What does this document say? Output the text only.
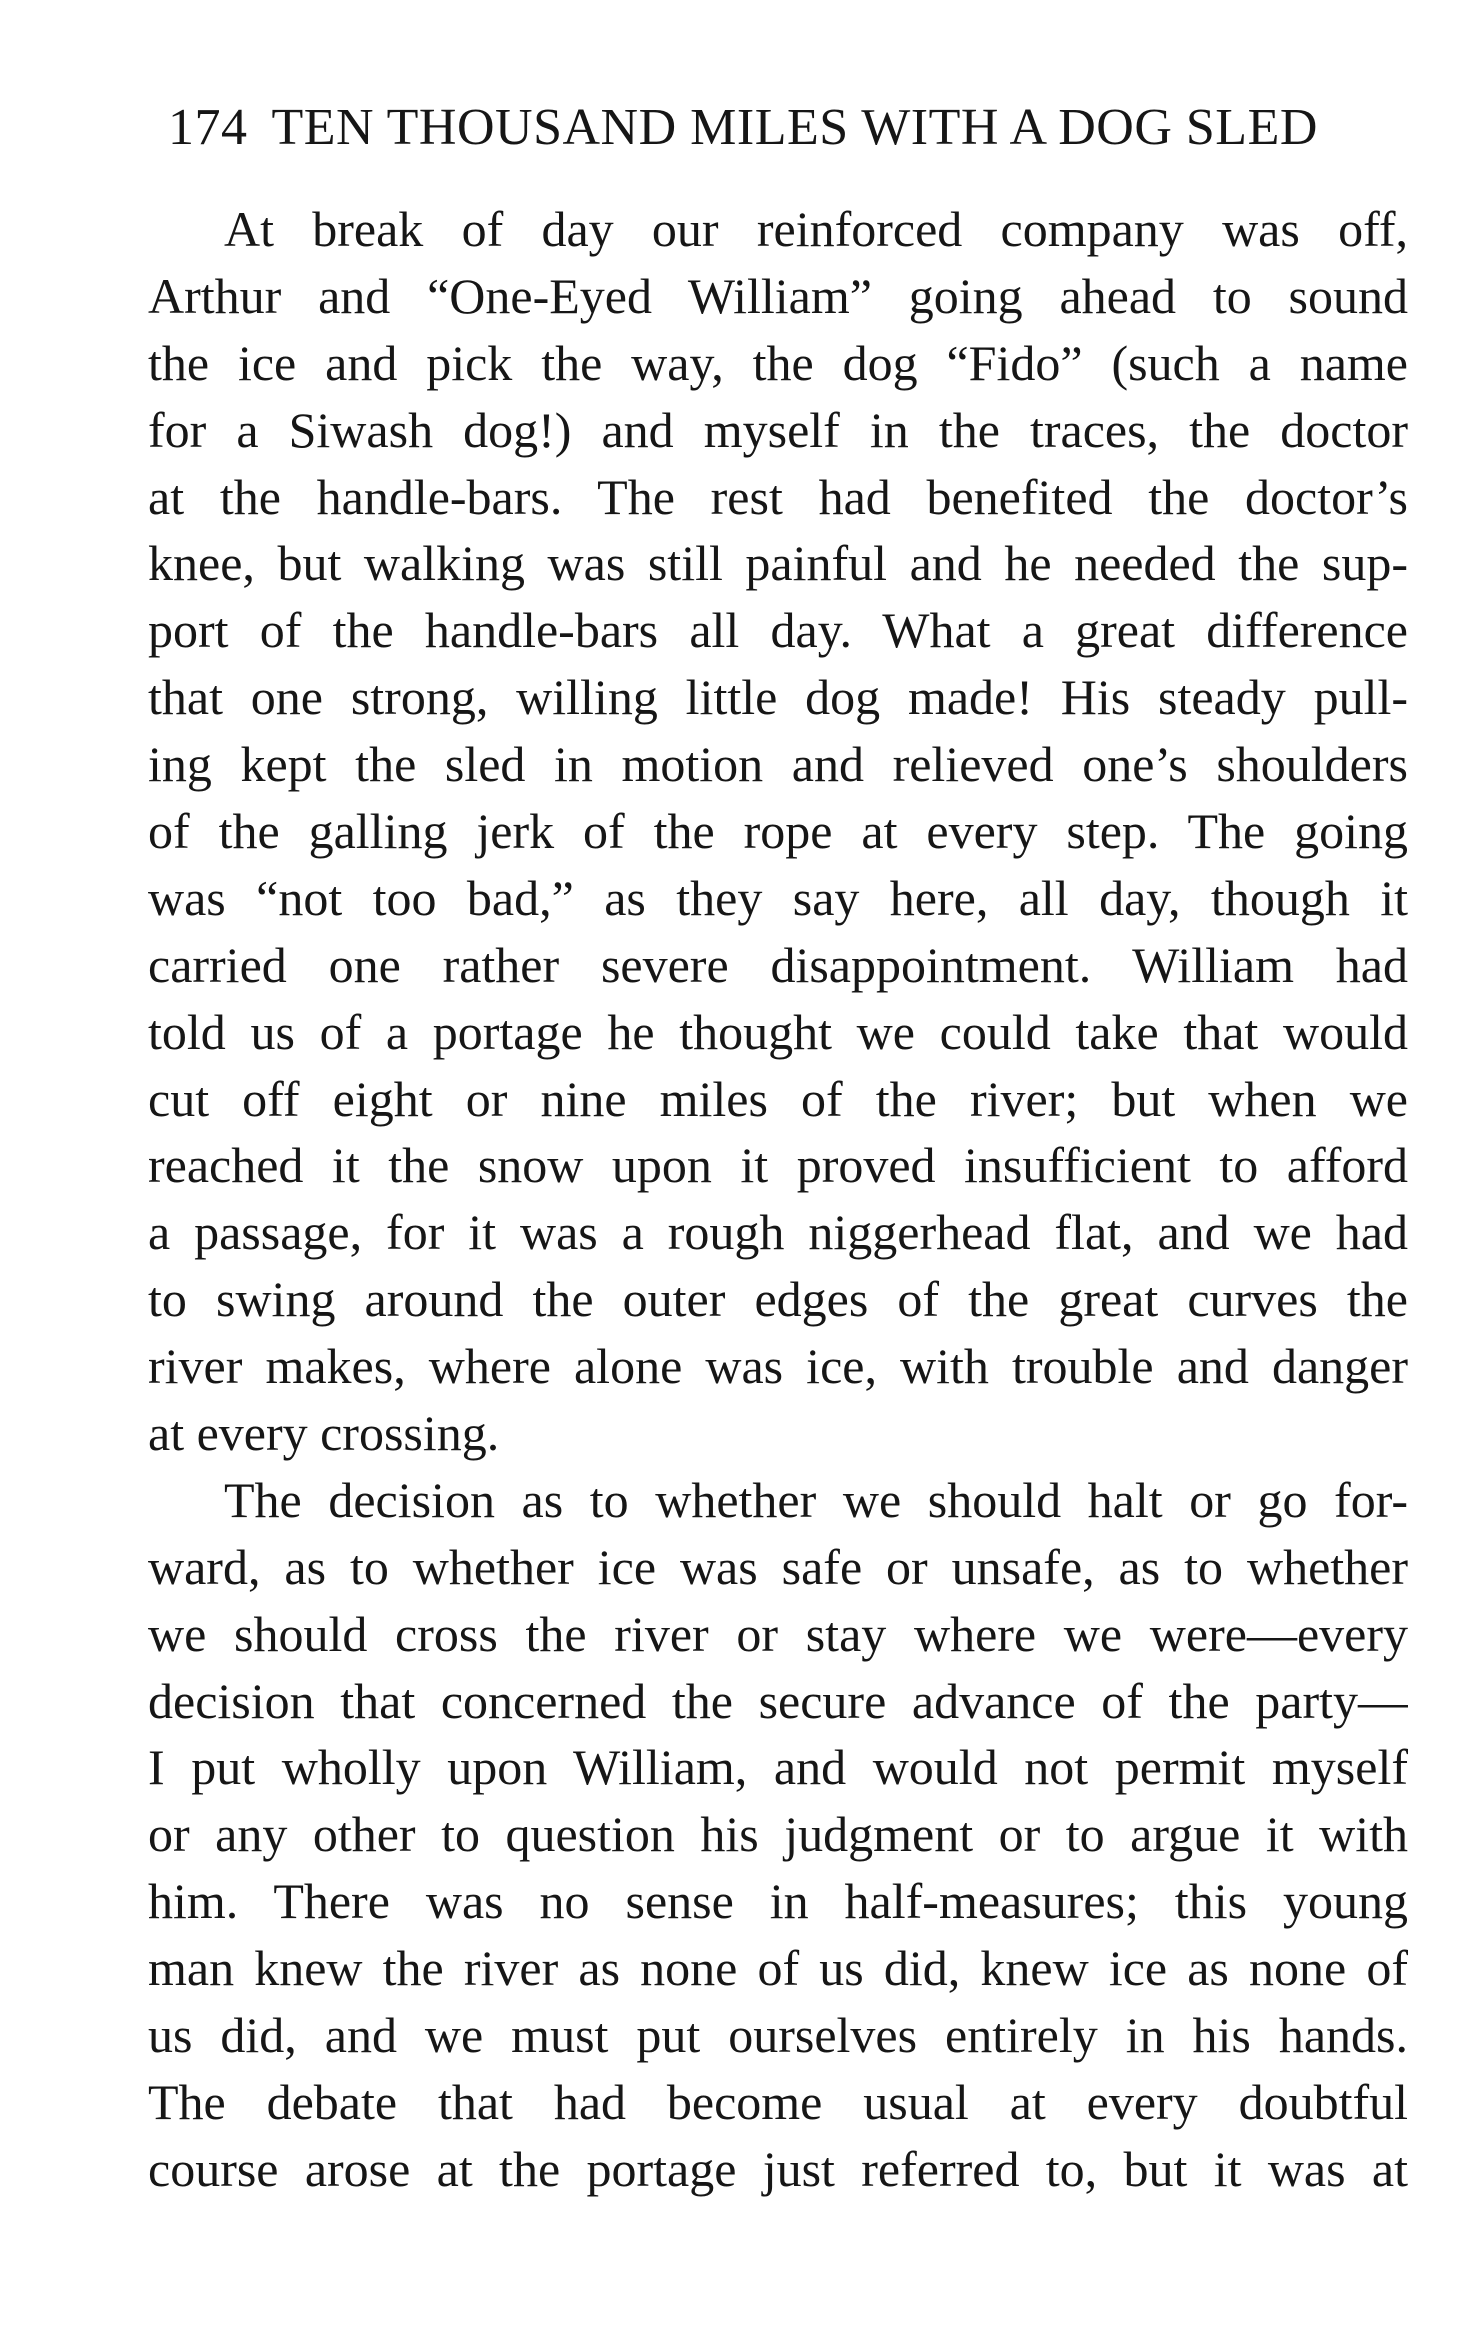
174 TEN THOUSAND MILES WITH A DOG SLED
At break of day our reinforced company was off,
Arthur and “One-Eyed William” going ahead to sound
the ice and pick the way, the dog “Fido” (such a name
for a Siwash dog!) and myself in the traces, the doctor
at the handle-bars. The rest had benefited the doctor’s
knee, but walking was still painful and he needed the sup-
port of the handle-bars all day. What a great difference
that one strong, willing little dog made! His steady pull-
ing kept the sled in motion and relieved one’s shoulders
of the galling jerk of the rope at every step. The going
was “not too bad,” as they say here, all day, though it
carried one rather severe disappointment. William had
told us of a portage he thought we could take that would
cut off eight or nine miles of the river; but when we
reached it the snow upon it proved insufficient to afford
a passage, for it was a rough niggerhead flat, and we had
to swing around the outer edges of the great curves the
river makes, where alone was ice, with trouble and danger
at every crossing.
The decision as to whether we should halt or go for-
ward, as to whether ice was safe or unsafe, as to whether
we should cross the river or stay where we were—every
decision that concerned the secure advance of the party—
I put wholly upon William, and would not permit myself
or any other to question his judgment or to argue it with
him. There was no sense in half-measures; this young
man knew the river as none of us did, knew ice as none of
us did, and we must put ourselves entirely in his hands.
The debate that had become usual at every doubtful
course arose at the portage just referred to, but it was at
